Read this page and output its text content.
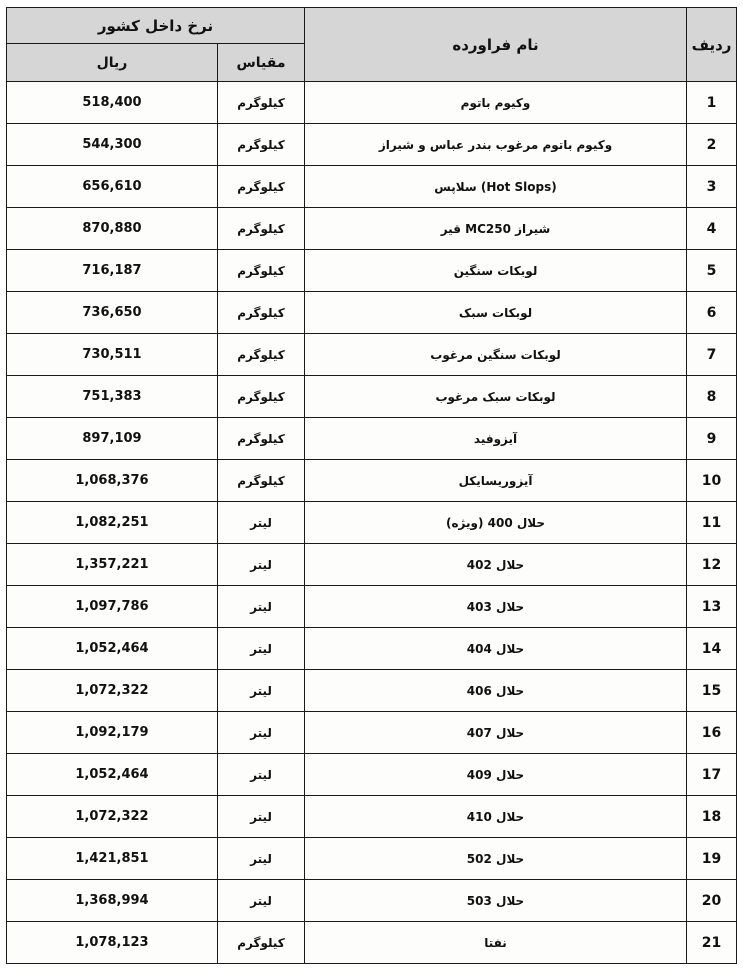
نرخ داخل کشور		نام فراورده	ردیف
ریال	مقیاس		
518,400	کیلوگرم	وکیوم باتوم	1
544,300	کیلوگرم	وکیوم باتوم مرغوب بندر عباس و شیراز	2
656,610	کیلوگرم	(Hot Slops) سلاپس	3
870,880	کیلوگرم	شیراز MC250 قیر	4
716,187	کیلوگرم	لوبکات سنگین	5
736,650	کیلوگرم	لوبکات سبک	6
730,511	کیلوگرم	لوبکات سنگین مرغوب	7
751,383	کیلوگرم	لوبکات سبک مرغوب	8
897,109	کیلوگرم	آیزوفید	9
1,068,376	کیلوگرم	آیزوریسایکل	10
1,082,251	لیتر	حلال 400 (ویژه)	11
1,357,221	لیتر	حلال 402	12
1,097,786	لیتر	حلال 403	13
1,052,464	لیتر	حلال 404	14
1,072,322	لیتر	حلال 406	15
1,092,179	لیتر	حلال 407	16
1,052,464	لیتر	حلال 409	17
1,072,322	لیتر	حلال 410	18
1,421,851	لیتر	حلال 502	19
1,368,994	لیتر	حلال 503	20
1,078,123	کیلوگرم	نفتا	21
